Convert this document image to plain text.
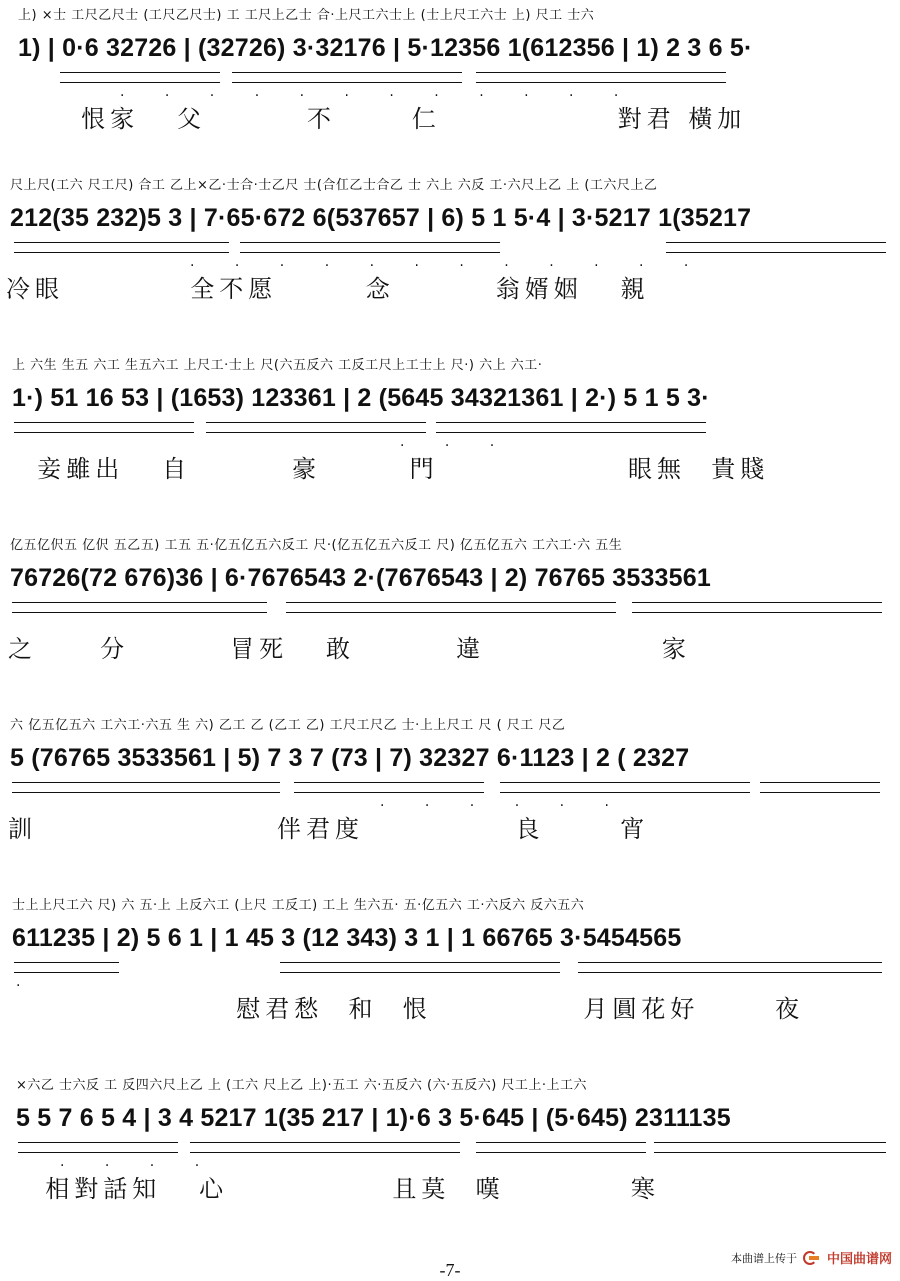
上) ×士 工尺乙尺士 (工尺乙尺士) 工 工尺上乙士 合·上尺工六士上 (士上尺工六士 上) 尺工 士六
1) | 0·6 32726 | (32726) 3·32176 | 5·12356 1(612356 | 1) 2 3 6 5·
· · · · · · · · · · · ·
恨家   父        不      仁              對君 橫加
尺上尺(工六 尺工尺) 合工 乙上×乙·士合·士乙尺 士(合仜乙士合乙 士 六上 六反 工·六尺上乙 上 (工六尺上乙
212(35 232)5 3 | 7·65·672 6(537657 | 6) 5 1 5·4 | 3·5217 1(35217
· · · · · · · · · · · ·
冷眼          全不愿       念        翁婿姻   親
上 六生 生五 六工 生五六工 上尺工·士上 尺(六五反六 工反工尺上工士上 尺·) 六上 六工·
1·) 51 16 53 | (1653) 123361 | 2 (5645 34321361 | 2·) 5 1 5 3·
· · ·
妾雖出   自        豪       門               眼無  貴賤
亿五亿伬五 亿伬 五乙五) 工五 五·亿五亿五六反工 尺·(亿五亿五六反工 尺) 亿五亿五六 工六工·六 五生
76726(72 676)36 | 6·7676543 2·(7676543 | 2) 76765 3533561
之     分        冒死   敢        違              家
六 亿五亿五六 工六工·六五 生 六) 乙工 乙 (乙工 乙) 工尺工尺乙 士·上上尺工 尺 ( 尺工 尺乙
5 (76765 3533561 | 5) 7 3 7 (73 | 7) 32327 6·1123 | 2 ( 2327
· · · · · ·
訓                   伴君度            良      宵
士上上尺工六 尺) 六 五·上 上反六工 (上尺 工反工) 工上 生六五· 五·亿五六 工·六反六 反六五六
611235 | 2) 5 6 1 | 1 45 3 (12 343) 3 1 | 1 66765 3·5454565
·
慰君愁  和  恨            月圓花好      夜
×六乙 士六反 工 反四六尺上乙 上 (工六 尺上乙 上)·五工 六·五反六 (六·五反六) 尺工上·上工六
5 5 7 6 5 4 | 3 4 5217 1(35 217 | 1)·6 3 5·645 | (5·645) 2311135
· · · ·
相對話知   心             且莫  嘆          寒
本曲谱上传于 中国曲谱网
-7-
